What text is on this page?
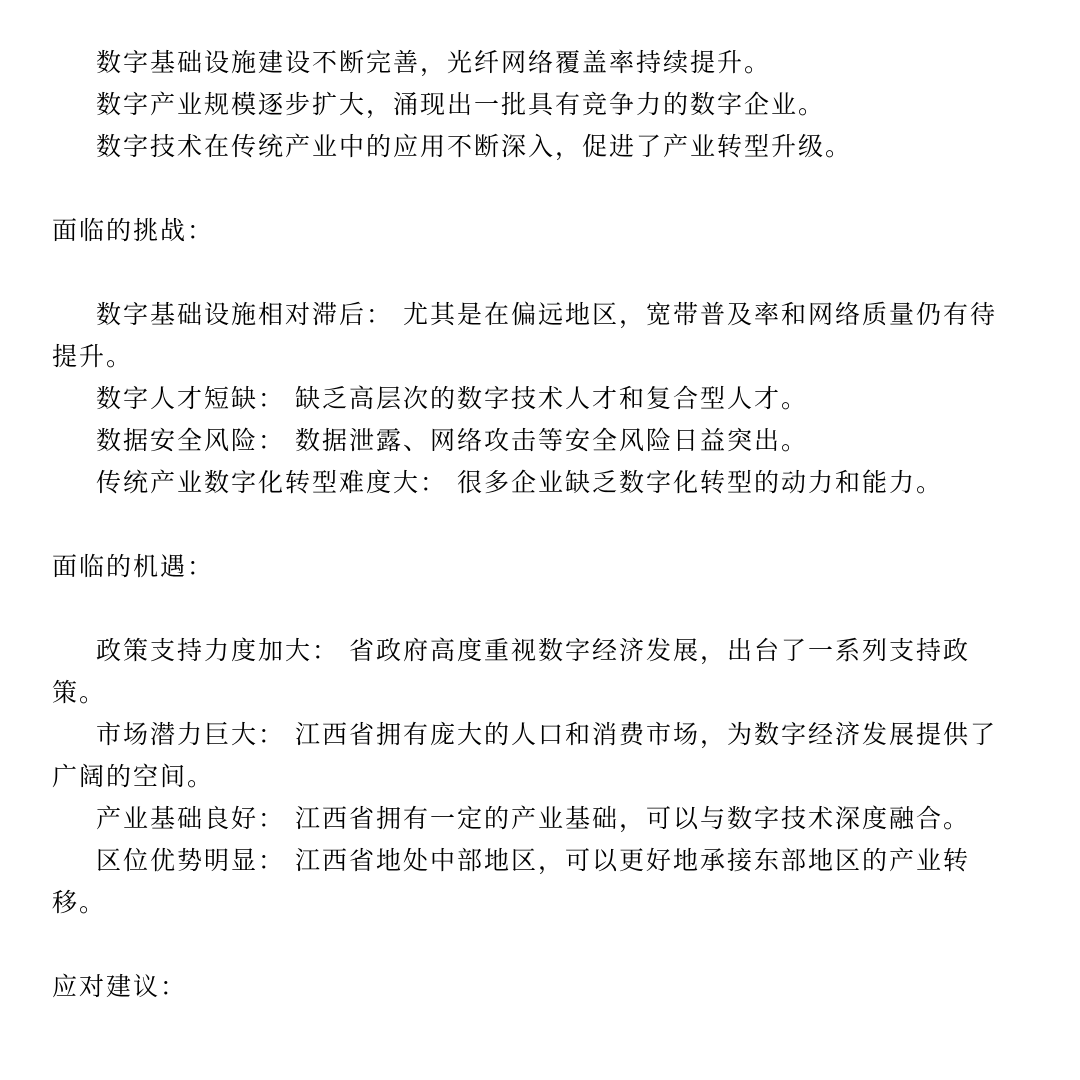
数字基础设施建设不断完善，光纤网络覆盖率持续提升。

数字产业规模逐步扩大，涌现出一批具有竞争力的数字企业。

数字技术在传统产业中的应用不断深入，促进了产业转型升级。

面临的挑战：

数字基础设施相对滞后： 尤其是在偏远地区，宽带普及率和网络质量仍有待提升。

数字人才短缺： 缺乏高层次的数字技术人才和复合型人才。

数据安全风险： 数据泄露、网络攻击等安全风险日益突出。

传统产业数字化转型难度大： 很多企业缺乏数字化转型的动力和能力。

面临的机遇：

政策支持力度加大： 省政府高度重视数字经济发展，出台了一系列支持政策。

市场潜力巨大： 江西省拥有庞大的人口和消费市场，为数字经济发展提供了广阔的空间。

产业基础良好： 江西省拥有一定的产业基础，可以与数字技术深度融合。

区位优势明显： 江西省地处中部地区，可以更好地承接东部地区的产业转移。

应对建议：
